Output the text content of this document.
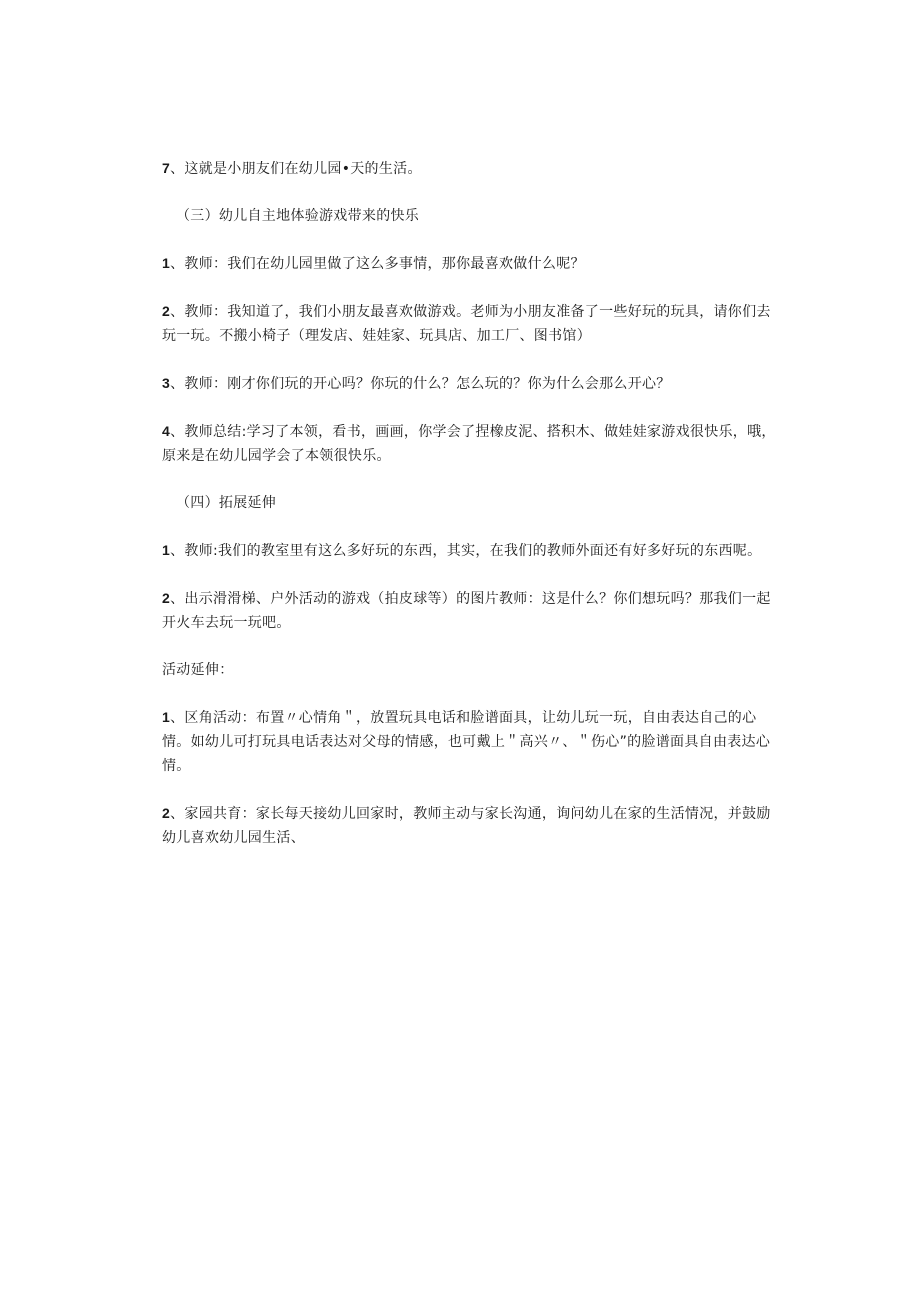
7、这就是小朋友们在幼儿园•天的生活。

（三）幼儿自主地体验游戏带来的快乐

1、教师：我们在幼儿园里做了这么多事情，那你最喜欢做什么呢？

2、教师：我知道了，我们小朋友最喜欢做游戏。老师为小朋友准备了一些好玩的玩具，请你们去玩一玩。不搬小椅子（理发店、娃娃家、玩具店、加工厂、图书馆）

3、教师：刚才你们玩的开心吗？你玩的什么？怎么玩的？你为什么会那么开心？

4、教师总结:学习了本领，看书，画画，你学会了捏橡皮泥、搭积木、做娃娃家游戏很快乐，哦，原来是在幼儿园学会了本领很快乐。

（四）拓展延伸

1、教师:我们的教室里有这么多好玩的东西，其实，在我们的教师外面还有好多好玩的东西呢。

2、出示滑滑梯、户外活动的游戏（拍皮球等）的图片教师：这是什么？你们想玩吗？那我们一起开火车去玩一玩吧。

活动延伸：

1、区角活动：布置〃心情角＂，放置玩具电话和脸谱面具，让幼儿玩一玩，自由表达自己的心情。如幼儿可打玩具电话表达对父母的情感，也可戴上＂高兴〃、＂伤心”的脸谱面具自由表达心情。

2、家园共育：家长每天接幼儿回家时，教师主动与家长沟通，询问幼儿在家的生活情况，并鼓励幼儿喜欢幼儿园生活、
